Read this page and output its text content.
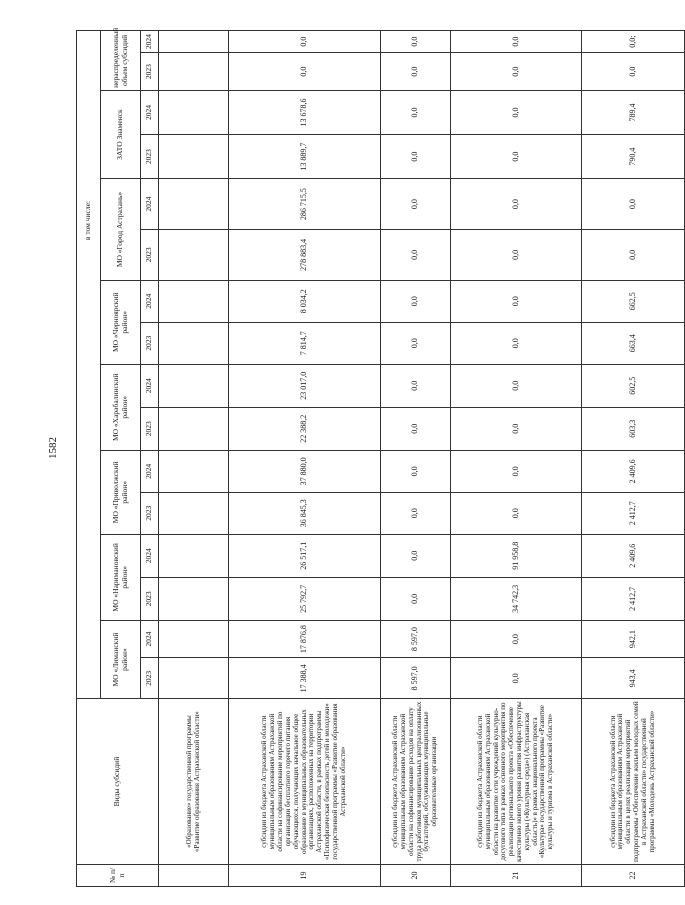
1582
№ п/п	Виды субсидий	в том числе:															
		МО «Лиманский район»		МО «Наримановский район»		МО «Приволжский район»		МО «Харабалинский район»		МО «Черноярский район»		МО «Город Астрахань»		ЗАТО Знаменск		нераспределенный объем субсидий	
		2023	2024	2023	2024	2023	2024	2023	2024	2023	2024	2023	2024	2023	2024	2023	2024
	«Образование» государственной программы «Развитие образования Астраханской области»																
19	субсидии из бюджета Астраханской области муниципальным образованиям Астраханской области на софинансирование мероприятий по организации бесплатного горячего питания обучающихся, получающих начальное общее образование в муниципальных образовательных организациях, расположенных на территории Астраханской области, в рамках подпрограммы «Психофизическая безопасность детей и молодежи» государственной программы «Развитие образования Астраханской области»	17 388,4	17 876,8	25 792,7	26 517,1	36 845,3	37 880,0	22 388,2	23 017,0	7 814,7	8 034,2	278 883,4	286 715,5	13 889,7	13 678,6	0,0	0,0
20	субсидии из бюджета Астраханской области муниципальным образованиям Астраханской области на софинансирование расходов на оплату труда работников муниципальных централизованных бухгалтерий, обслуживающих муниципальные образовательные организации	8 597,0	8 597,0	0,0	0,0	0,0	0,0	0,0	0,0	0,0	0,0	0,0	0,0	0,0	0,0	0,0	0,0
21	субсидии из бюджета Астраханской области муниципальным образованиям Астраханской области на развитие сети учреждений культурно-досугового типа в рамках основного мероприятия по реализации регионального проекта «Обеспечение качественно нового уровня развития инфраструктуры культуры («Культурная среда») (Астраханская область)» в рамках национального проекта «Культура» государственной программы «Развитие культуры и туризма в Астраханской области»	0,0	0,0	34 742,3	91 958,8	0,0	0,0	0,0	0,0	0,0	0,0	0,0	0,0	0,0	0,0	0,0	0,0
22	субсидии из бюджета Астраханской области муниципальным образованиям Астраханской области в целях реализации мероприятий подпрограммы «Обеспечение жильем молодых семей в Астраханской области» государственной программы «Молодежь Астраханской области»	943,4	942,1	2 412,7	2 409,6	2 412,7	2 409,6	603,3	602,5	663,4	662,5	0,0	0,0	790,4	789,4	0,0	0,0;
